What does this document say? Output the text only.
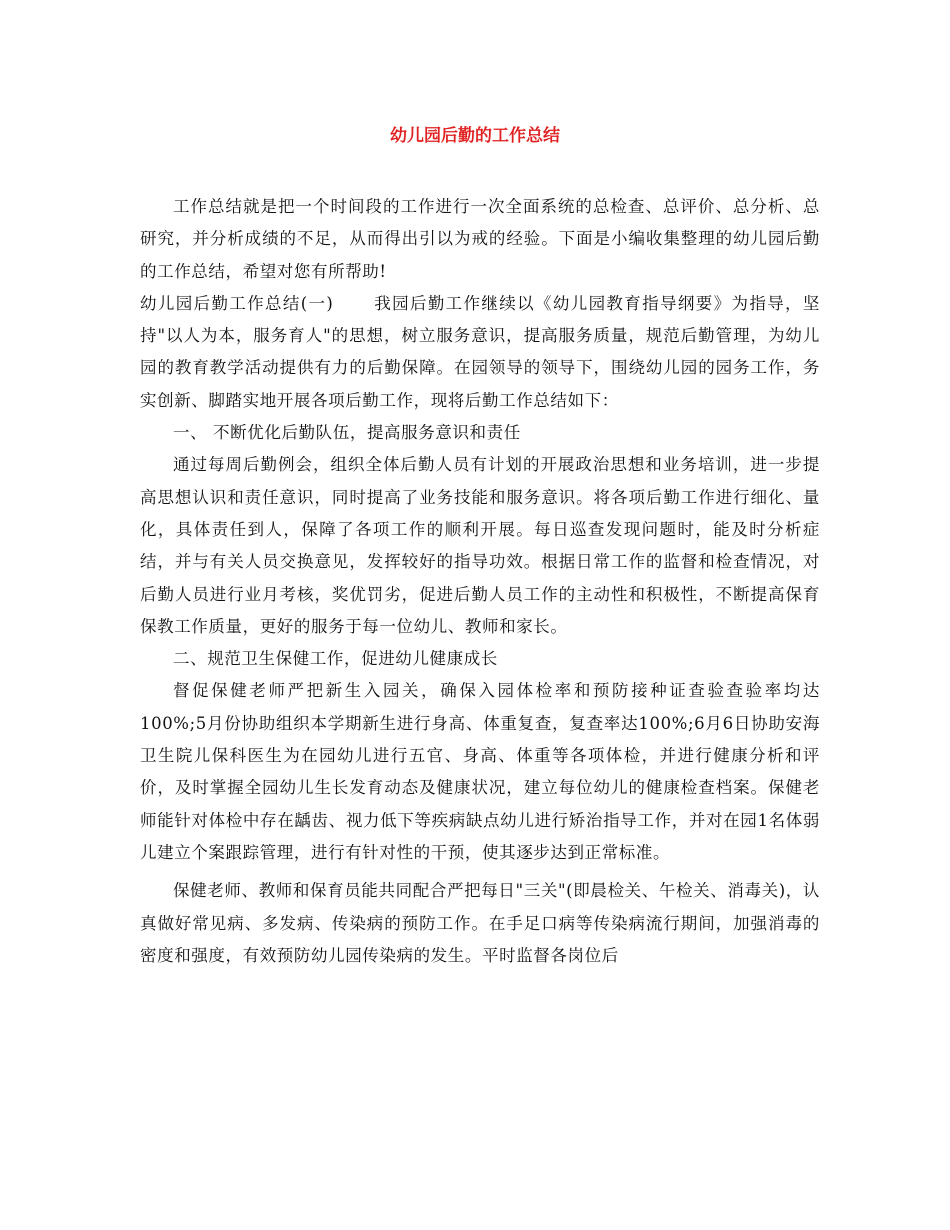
幼儿园后勤的工作总结

工作总结就是把一个时间段的工作进行一次全面系统的总检查、总评价、总分析、总研究，并分析成绩的不足，从而得出引以为戒的经验。下面是小编收集整理的幼儿园后勤的工作总结，希望对您有所帮助!

幼儿园后勤工作总结(一) 我园后勤工作继续以《幼儿园教育指导纲要》为指导，坚持"以人为本，服务育人"的思想，树立服务意识，提高服务质量，规范后勤管理，为幼儿园的教育教学活动提供有力的后勤保障。在园领导的领导下，围绕幼儿园的园务工作，务实创新、脚踏实地开展各项后勤工作，现将后勤工作总结如下：

一、 不断优化后勤队伍，提高服务意识和责任

通过每周后勤例会，组织全体后勤人员有计划的开展政治思想和业务培训，进一步提高思想认识和责任意识，同时提高了业务技能和服务意识。将各项后勤工作进行细化、量化，具体责任到人，保障了各项工作的顺利开展。每日巡查发现问题时，能及时分析症结，并与有关人员交换意见，发挥较好的指导功效。根据日常工作的监督和检查情况，对后勤人员进行业月考核，奖优罚劣，促进后勤人员工作的主动性和积极性，不断提高保育保教工作质量，更好的服务于每一位幼儿、教师和家长。

二、规范卫生保健工作，促进幼儿健康成长

督促保健老师严把新生入园关，确保入园体检率和预防接种证查验查验率均达100%;5月份协助组织本学期新生进行身高、体重复查，复查率达100%;6月6日协助安海卫生院儿保科医生为在园幼儿进行五官、身高、体重等各项体检，并进行健康分析和评价，及时掌握全园幼儿生长发育动态及健康状况，建立每位幼儿的健康检查档案。保健老师能针对体检中存在龋齿、视力低下等疾病缺点幼儿进行矫治指导工作，并对在园1名体弱儿建立个案跟踪管理，进行有针对性的干预，使其逐步达到正常标准。

保健老师、教师和保育员能共同配合严把每日"三关"(即晨检关、午检关、消毒关)，认真做好常见病、多发病、传染病的预防工作。在手足口病等传染病流行期间，加强消毒的密度和强度，有效预防幼儿园传染病的发生。平时监督各岗位后
